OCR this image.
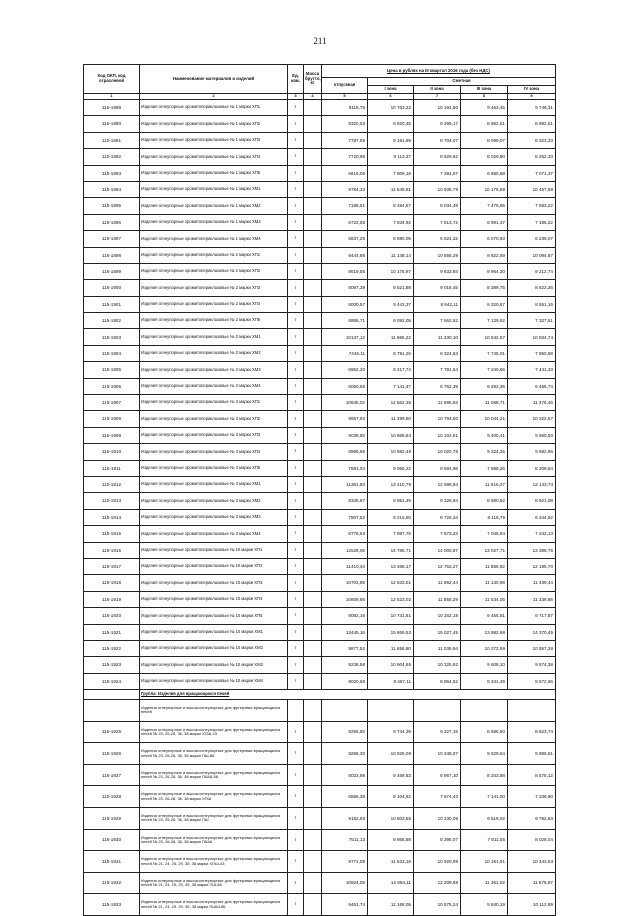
211
Код ОКП, код отраслевой	Наименование материалов и изделий	Ед. изм.	Масса брутто, кг	Цена в рублях на III квартал 2016 года (без НДС)				
				отпускная	Сметная			
					I зона	II зона	III зона	IV зона
1	2	3	4	5	6	7	8	9
115-1889	Изделия огнеупорные хромитопериклазовые № 1 марки ХП1	т		9118,76	10 763,22	10 191,80	9 463,45	9 746,31
115-1890	Изделия огнеупорные хромитопериклазовые № 1 марки ХП2	т		8320,03	9 820,45	9 299,17	8 852,61	8 892,61
115-1891	Изделия огнеупорные хромитопериклазовые № 1 марки ХП3	т		7787,59	9 191,99	8 704,07	8 099,07	8 323,33
115-1892	Изделия огнеупорные хромитопериклазовые № 1 марки ХП4	т		7720,98	9 113,37	8 629,62	8 029,80	8 252,33
115-1893	Изделия огнеупорные хромитопериклазовые № 1 марки ХП5	т		6616,06	7 809,18	7 394,67	6 880,68	7 071,37
115-1894	Изделия огнеупорные хромитопериклазовые № 1 марки ХМ1	т		9784,33	11 548,81	10 935,79	10 175,68	10 457,68
115-1895	Изделия огнеупорные хромитопериклазовые № 1 марки ХМ2	т		7188,51	8 484,67	8 034,49	7 476,05	7 683,22
115-1896	Изделия огнеупорные хромитопериклазовые № 1 марки ХМ3	т		6722,58	7 934,92	7 513,72	6 991,47	7 185,22
115-1897	Изделия огнеупорные хромитопериклазовые № 1 марки ХМ4	т		5837,25	6 890,05	6 524,32	6 070,83	6 239,07
115-1898	Изделия огнеупорные хромитопериклазовые № 2 марки ХП1	т		9444,88	11 148,14	10 556,39	9 822,69	10 094,87
115-1899	Изделия огнеупорные хромитопериклазовые № 2 марки ХП2	т		8619,55	10 175,97	9 633,93	8 964,30	9 212,74
115-1900	Изделия огнеупорные хромитопериклазовые № 2 марки ХП3	т		8067,39	9 521,88	9 016,45	8 389,75	8 622,26
115-1901	Изделия огнеупорные хромитопериклазовые № 2 марки ХП4	т		8000,57	9 443,37	8 942,11	8 320,67	8 551,16
115-1902	Изделия огнеупорные хромитопериклазовые № 2 марки ХП5	т		6855,71	8 092,05	7 662,52	7 129,92	7 327,51
115-1903	Изделия огнеупорные хромитопериклазовые № 2 марки ХМ1	т		10137,12	11 965,22	11 330,10	10 542,57	10 834,74
115-1904	Изделия огнеупорные хромитопериклазовые № 2 марки ХМ2	т		7446,11	8 791,26	8 324,63	7 745,01	7 960,98
115-1905	Изделия огнеупорные хромитопериклазовые № 2 марки ХМ3	т		6962,20	8 217,74	7 781,54	7 240,66	7 441,33
115-1906	Изделия огнеупорные хромитопериклазовые № 2 марки ХМ4	т		6050,56	7 141,47	6 762,39	6 292,36	6 466,74
115-1907	Изделия огнеупорные хромитопериклазовые № 3 марки ХП1	т		10645,02	12 562,35	11 895,53	11 068,71	11 375,46
115-1908	Изделия огнеупорные хромитопериклазовые № 3 марки ХП2	т		9657,92	11 399,60	10 794,50	10 044,21	10 322,57
115-1909	Изделия огнеупорные хромитопериклазовые № 3 марки ХП3	т		9038,80	10 668,84	10 102,61	9 400,41	9 660,93
115-1910	Изделия огнеупорные хромитопериклазовые № 3 марки ХП4	т		8965,65	10 582,49	10 020,78	9 324,25	9 582,66
115-1911	Изделия огнеупорные хромитопериклазовые № 3 марки ХП5	т		7681,04	9 066,22	8 584,98	7 988,26	8 209,64
115-1912	Изделия огнеупорные хромитопериклазовые № 3 марки ХМ1	т		11361,83	13 410,79	12 698,94	11 816,27	12 143,74
115-1913	Изделия огнеупорные хромитопериклазовые № 3 марки ХМ2	т		8345,67	9 851,49	9 328,94	8 680,52	8 921,08
115-1914	Изделия огнеупорные хромитопериклазовые № 3 марки ХМ3	т		7807,52	9 215,50	8 726,34	8 119,79	8 344,82
115-1915	Изделия огнеупорные хромитопериклазовые № 3 марки ХМ4	т		6775,63	7 997,76	7 573,23	7 046,84	7 242,13
115-1916	Изделия огнеупорные хромитопериклазовые № 10 марки ХП1	т		12528,06	14 786,71	14 000,87	13 027,71	13 388,75
115-1917	Изделия огнеупорные хромитопериклазовые № 10 марки ХП2	т		11410,44	13 468,17	12 753,27	11 866,82	12 195,70
115-1918	Изделия огнеупорные хромитопериклазовые № 10 марки ХП3	т		10702,89	12 633,01	11 962,44	11 130,98	11 439,44
115-1919	Изделия огнеупорные хромитопериклазовые № 10 марки ХП4	т		10609,68	12 523,02	11 858,29	11 034,05	11 339,85
115-1920	Изделия огнеупорные хромитопериклазовые № 10 марки ХП5	т		9092,16	10 731,81	10 162,18	9 455,81	9 717,87
115-1921	Изделия огнеупорные хромитопериклазовые № 10 марки ХМ1	т		13445,16	15 869,53	15 027,45	13 982,98	14 370,45
115-1922	Изделия огнеупорные хромитопериклазовые № 10 марки ХМ2	т		9877,52	11 658,80	11 039,94	10 272,59	10 557,28
115-1923	Изделия огнеупорные хромитопериклазовые № 10 марки ХМ3	т		9238,58	10 904,65	10 325,82	9 608,10	9 874,38
115-1924	Изделия огнеупорные хромитопериклазовые № 10 марки ХМ4	т		8020,68	9 467,11	8 964,52	8 341,49	8 572,66
	Группа: Изделия для вращающихся печей							
	Изделия огнеупорные и высокоогнеупорные для футеровки вращающихся печей							
115-1925	Изделия огнеупорные и высокоогнеупорные для футеровки вращающихся печей № 23, 26-28, 36, 38 марки ХПШ-43	т		8255,80	9 744,39	9 227,15	8 585,60	8 823,74
115-1926	Изделия огнеупорные и высокоогнеупорные для футеровки вращающихся печей № 23, 26-28, 36, 38 марки ПШ-86	т		9258,30	10 928,09	10 348,07	9 629,64	9 896,51
115-1927	Изделия огнеупорные и высокоогнеупорные для футеровки вращающихся печей № 23, 26-28, 36, 38 марки ПШШ-86	т		8022,98	9 469,83	8 967,10	8 343,88	8 575,12
115-1928	Изделия огнеупорные и высокоогнеупорные для футеровки вращающихся печей № 23, 26-28, 36, 38 марки ХПШ	т		6866,36	8 104,62	7 674,43	7 141,00	7 338,90
115-1929	Изделия огнеупорные и высокоогнеупорные для футеровки вращающихся печей № 23, 26-28, 36, 38 марки ПШ	т		9152,93	10 803,55	10 230,09	9 519,02	9 782,83
115-1930	Изделия огнеупорные и высокоогнеупорные для футеровки вращающихся печей № 23, 26-28, 36, 38 марки ПШШ	т		7511,13	8 865,88	8 395,07	7 811,55	8 028,04
115-1931	Изделия огнеупорные и высокоогнеупорные для футеровки вращающихся печей № 21, 24, 25, 29, 35, 38 марки ХПШ-43	т		9771,09	11 533,18	10 920,99	10 161,91	10 443,53
115-1932	Изделия огнеупорные и высокоогнеупорные для футеровки вращающихся печей № 21, 24, 25, 29, 35, 38 марки ПШ-86	т		10924,08	12 894,11	12 209,68	11 361,02	11 675,87
115-1933	Изделия огнеупорные и высокоогнеупорные для футеровки вращающихся печей № 21, 24, 25, 29, 35, 38 марки ПШШ-86	т		9461,74	11 168,05	10 575,24	9 840,19	10 112,89
